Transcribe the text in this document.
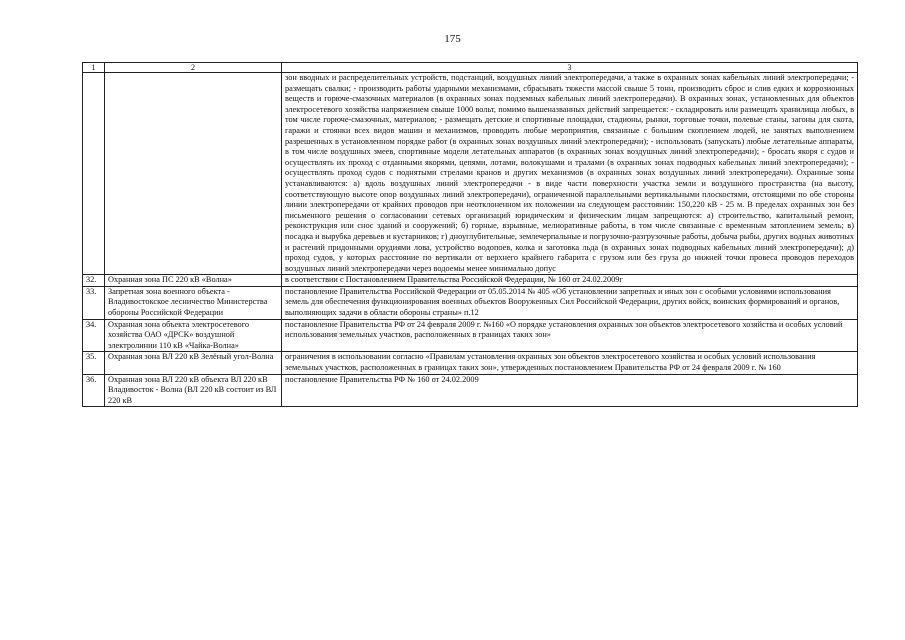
175
1	2	3
		зон вводных и распределительных устройств, подстанций, воздушных линий электропередачи, а также в охранных зонах кабельных линий электропередачи; - размещать свалки; - производить работы ударными механизмами, сбрасывать тяжести массой свыше 5 тонн, производить сброс и слив едких и коррозионных веществ и горюче-смазочных материалов (в охранных зонах подземных кабельных линий электропередачи). В охранных зонах, установленных для объектов электросетевого хозяйства напряжением свыше 1000 вольт, помимо вышеназванных действий запрещается: - складировать или размещать хранилища любых, в том числе горюче-смазочных, материалов; - размещать детские и спортивные площадки, стадионы, рынки, торговые точки, полевые станы, загоны для скота, гаражи и стоянки всех видов машин и механизмов, проводить любые мероприятия, связанные с большим скоплением людей, не занятых выполнением разрешенных в установленном порядке работ (в охранных зонах воздушных линий электропередачи); - использовать (запускать) любые летательные аппараты, в том числе воздушных змеев, спортивные модели летательных аппаратов (в охранных зонах воздушных линий электропередачи); - бросать якоря с судов и осуществлять их проход с отданными якорями, цепями, лотами, волокушами и тралами (в охранных зонах подводных кабельных линий электропередачи); - осуществлять проход судов с поднятыми стрелами кранов и других механизмов (в охранных зонах воздушных линий электропередачи). Охранные зоны устанавливаются: а) вдоль воздушных линий электропередачи - в виде части поверхности участка земли и воздушного пространства (на высоту, соответствующую высоте опор воздушных линий электропередачи), ограниченной параллельными вертикальными плоскостями, отстоящими по обе стороны линии электропередачи от крайних проводов при неотклоненном их положении на следующем расстоянии: 150,220 кВ - 25 м. В пределах охранных зон без письменного решения о согласовании сетевых организаций юридическим и физическим лицам запрещаются: а) строительство, капитальный ремонт, реконструкция или снос зданий и сооружений; б) горные, взрывные, мелиоративные работы, в том числе связанные с временным затоплением земель; в) посадка и вырубка деревьев и кустарников; г) дноуглубительные, землечерпальные и погрузочно-разгрузочные работы, добыча рыбы, других водных животных и растений придонными орудиями лова, устройство водопоев, колка и заготовка льда (в охранных зонах подводных кабельных линий электропередачи); д) проход судов, у которых расстояние по вертикали от верхнего крайнего габарита с грузом или без груза до нижней точки провеса проводов переходов воздушных линий электропередачи через водоемы менее минимально допус
32.	Охранная зона ПС 220 кВ «Волна»	в соответствии с Постановлением Правительства Российской Федерации, № 160 от 24.02.2009г
33.	Запретная зона военного объекта - Владивостокское лесничество Министерства обороны Российской Федерации	постановление Правительства Российской Федерации от 05.05.2014 № 405 «Об установлении запретных и иных зон с особыми условиями использования земель для обеспечения функционирования военных объектов Вооруженных Сил Российской Федерации, других войск, воинских формирований и органов, выполняющих задачи в области обороны страны» п.12
34.	Охранная зона объекта электросетевого хозяйства ОАО «ДРСК» воздушной электролинии 110 кВ «Чайка-Волна»	постановление Правительства РФ от 24 февраля 2009 г. №160 «О порядке установления охранных зон объектов электросетевого хозяйства и особых условий использования земельных участков, расположенных в границах таких зон»
35.	Охранная зона ВЛ 220 кВ Зелёный угол-Волна	ограничения в использовании согласно «Правилам установления охранных зон объектов электросетевого хозяйства и особых условий использования земельных участков, расположенных в границах таких зон», утвержденных постановлением Правительства РФ от 24 февраля 2009 г. № 160
36.	Охранная зона ВЛ 220 кВ объекта ВЛ 220 кВ Владивосток - Волна (ВЛ 220 кВ состоит из ВЛ 220 кВ	постановление Правительства РФ № 160 от 24.02.2009
